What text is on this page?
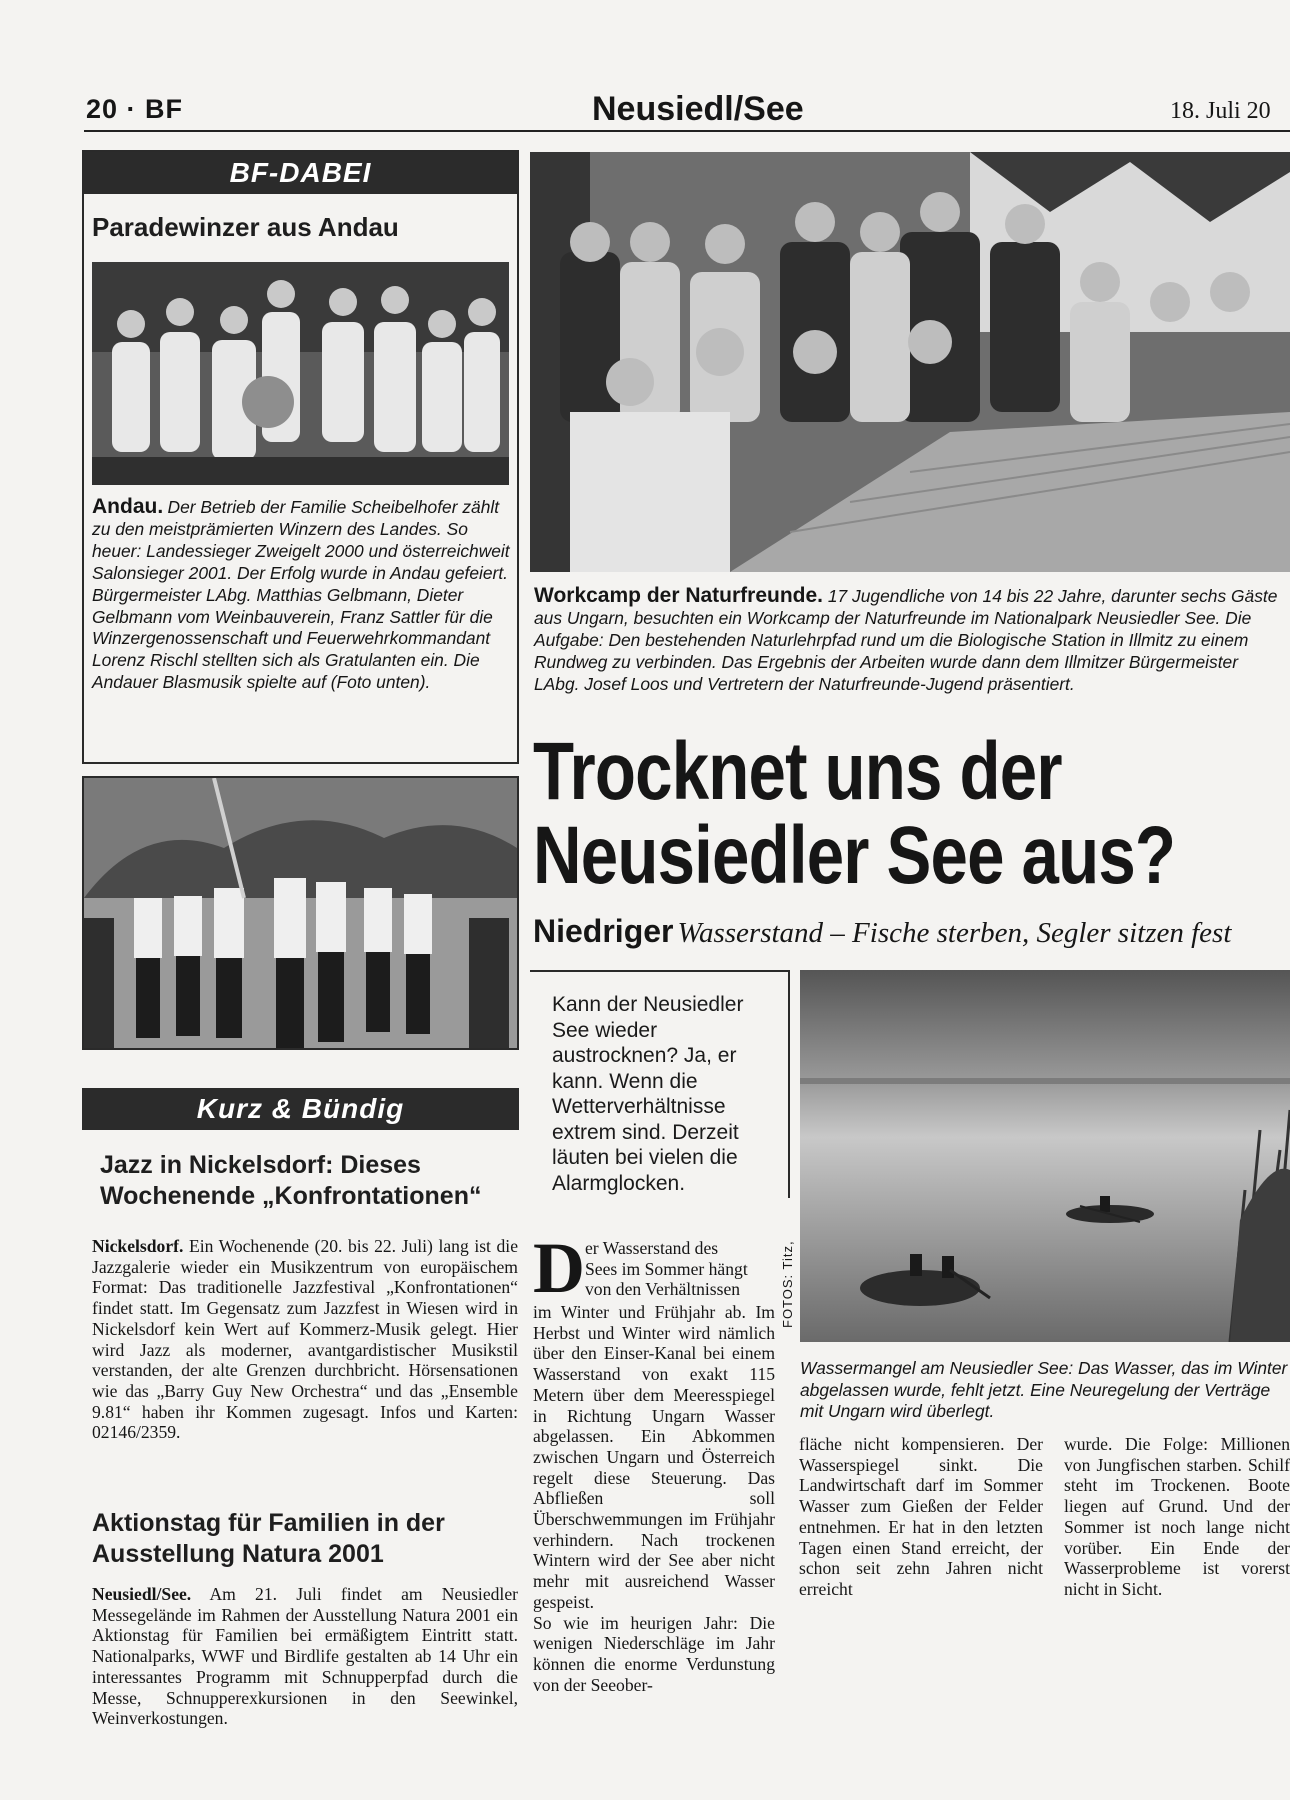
20 · BF	Neusiedl/See	18. Juli 20
BF-DABEI
Paradewinzer aus Andau
Andau. Der Betrieb der Familie Scheibelhofer zählt zu den meistprämierten Winzern des Landes. So heuer: Landessieger Zweigelt 2000 und österreichweit Salonsieger 2001. Der Erfolg wurde in Andau gefeiert. Bürgermeister LAbg. Matthias Gelbmann, Dieter Gelbmann vom Weinbauverein, Franz Sattler für die Winzergenossenschaft und Feuerwehrkommandant Lorenz Rischl stellten sich als Gratulanten ein. Die Andauer Blasmusik spielte auf (Foto unten).
Kurz & Bündig
Jazz in Nickelsdorf: Dieses Wochenende „Konfrontationen“
Nickelsdorf. Ein Wochenende (20. bis 22. Juli) lang ist die Jazzgalerie wieder ein Musikzentrum von europäischem Format: Das traditionelle Jazzfestival „Konfrontationen“ findet statt. Im Gegensatz zum Jazzfest in Wiesen wird in Nickelsdorf kein Wert auf Kommerz-Musik gelegt. Hier wird Jazz als moderner, avantgardistischer Musikstil verstanden, der alte Grenzen durchbricht. Hörsensationen wie das „Barry Guy New Orchestra“ und das „Ensemble 9.81“ haben ihr Kommen zugesagt. Infos und Karten: 02146/2359.
Aktionstag für Familien in der Ausstellung Natura 2001
Neusiedl/See. Am 21. Juli findet am Neusiedler Messegelände im Rahmen der Ausstellung Natura 2001 ein Aktionstag für Familien bei ermäßigtem Eintritt statt. Nationalparks, WWF und Birdlife gestalten ab 14 Uhr ein interessantes Programm mit Schnupperpfad durch die Messe, Schnupperexkursionen in den Seewinkel, Weinverkostungen.
Workcamp der Naturfreunde. 17 Jugendliche von 14 bis 22 Jahre, darunter sechs Gäste aus Ungarn, besuchten ein Workcamp der Naturfreunde im Nationalpark Neusiedler See. Die Aufgabe: Den bestehenden Naturlehrpfad rund um die Biologische Station in Illmitz zu einem Rundweg zu verbinden. Das Ergebnis der Arbeiten wurde dann dem Illmitzer Bürgermeister LAbg. Josef Loos und Vertretern der Naturfreunde-Jugend präsentiert.
Trocknet uns der
Neusiedler See aus?
Niedriger Wasserstand – Fische sterben, Segler sitzen fest
Kann der Neusiedler See wieder austrocknen? Ja, er kann. Wenn die Wetterverhältnisse extrem sind. Derzeit läuten bei vielen die Alarmglocken.
D er Wasserstand des
Sees im Sommer hängt
von den Verhältnissen

im Winter und Frühjahr ab. Im Herbst und Winter wird nämlich über den Einser-Kanal bei einem Wasserstand von exakt 115 Metern über dem Meeresspiegel in Richtung Ungarn Wasser abgelassen. Ein Abkommen zwischen Ungarn und Österreich regelt diese Steuerung. Das Abfließen soll Überschwemmungen im Frühjahr verhindern. Nach trockenen Wintern wird der See aber nicht mehr mit ausreichend Wasser gespeist.

So wie im heurigen Jahr: Die wenigen Niederschläge im Jahr können die enorme Verdunstung von der Seeober-

FOTOS: Titz,
Wassermangel am Neusiedler See: Das Wasser, das im Winter abgelassen wurde, fehlt jetzt. Eine Neuregelung der Verträge mit Ungarn wird überlegt.
fläche nicht kompensieren. Der Wasserspiegel sinkt. Die Landwirtschaft darf im Sommer Wasser zum Gießen der Felder entnehmen. Er hat in den letzten Tagen einen Stand erreicht, der schon seit zehn Jahren nicht erreicht
wurde. Die Folge: Millionen von Jungfischen starben. Schilf steht im Trockenen. Boote liegen auf Grund. Und der Sommer ist noch lange nicht vorüber. Ein Ende der Wasserprobleme ist vorerst nicht in Sicht.
